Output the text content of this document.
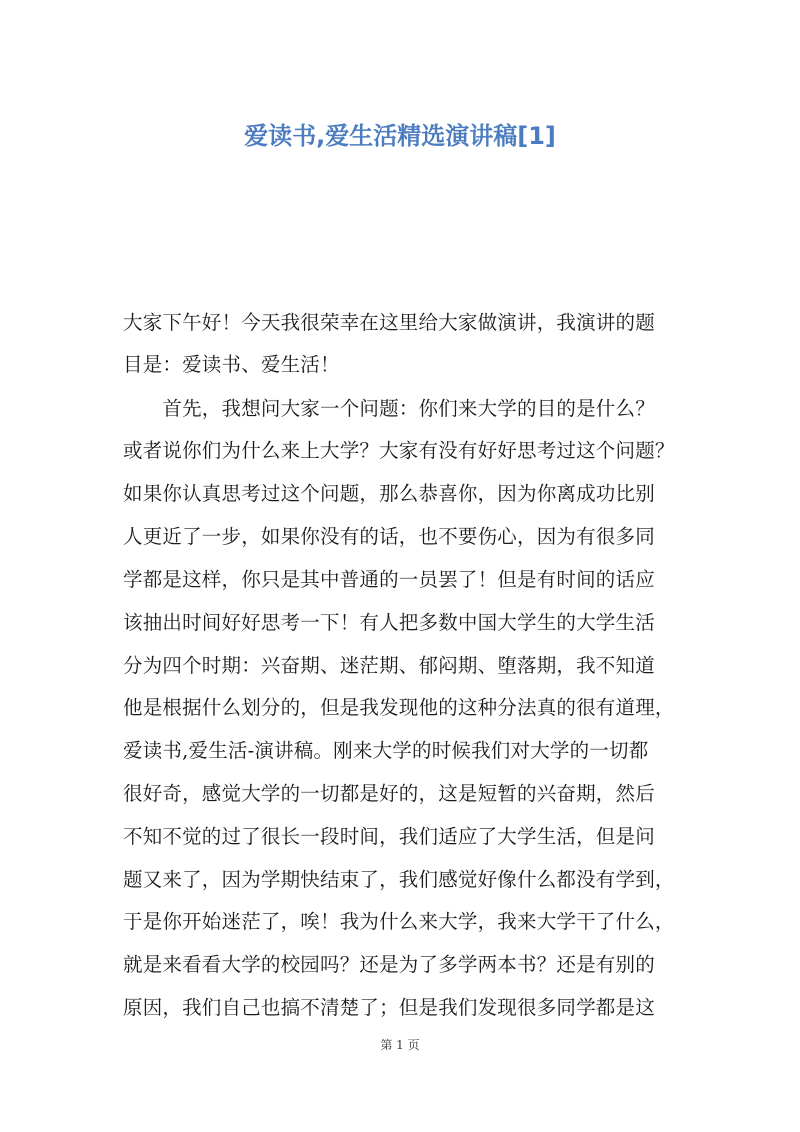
爱读书,爱生活精选演讲稿[1]
大家下午好！今天我很荣幸在这里给大家做演讲，我演讲的题
目是：爱读书、爱生活！
　　首先，我想问大家一个问题：你们来大学的目的是什么？
或者说你们为什么来上大学？大家有没有好好思考过这个问题？
如果你认真思考过这个问题，那么恭喜你，因为你离成功比别
人更近了一步，如果你没有的话，也不要伤心，因为有很多同
学都是这样，你只是其中普通的一员罢了！但是有时间的话应
该抽出时间好好思考一下！有人把多数中国大学生的大学生活
分为四个时期：兴奋期、迷茫期、郁闷期、堕落期，我不知道
他是根据什么划分的，但是我发现他的这种分法真的很有道理，
爱读书,爱生活-演讲稿。刚来大学的时候我们对大学的一切都
很好奇，感觉大学的一切都是好的，这是短暂的兴奋期，然后
不知不觉的过了很长一段时间，我们适应了大学生活，但是问
题又来了，因为学期快结束了，我们感觉好像什么都没有学到，
于是你开始迷茫了，唉！我为什么来大学，我来大学干了什么，
就是来看看大学的校园吗？还是为了多学两本书？还是有别的
原因，我们自己也搞不清楚了；但是我们发现很多同学都是这
第 1 页
